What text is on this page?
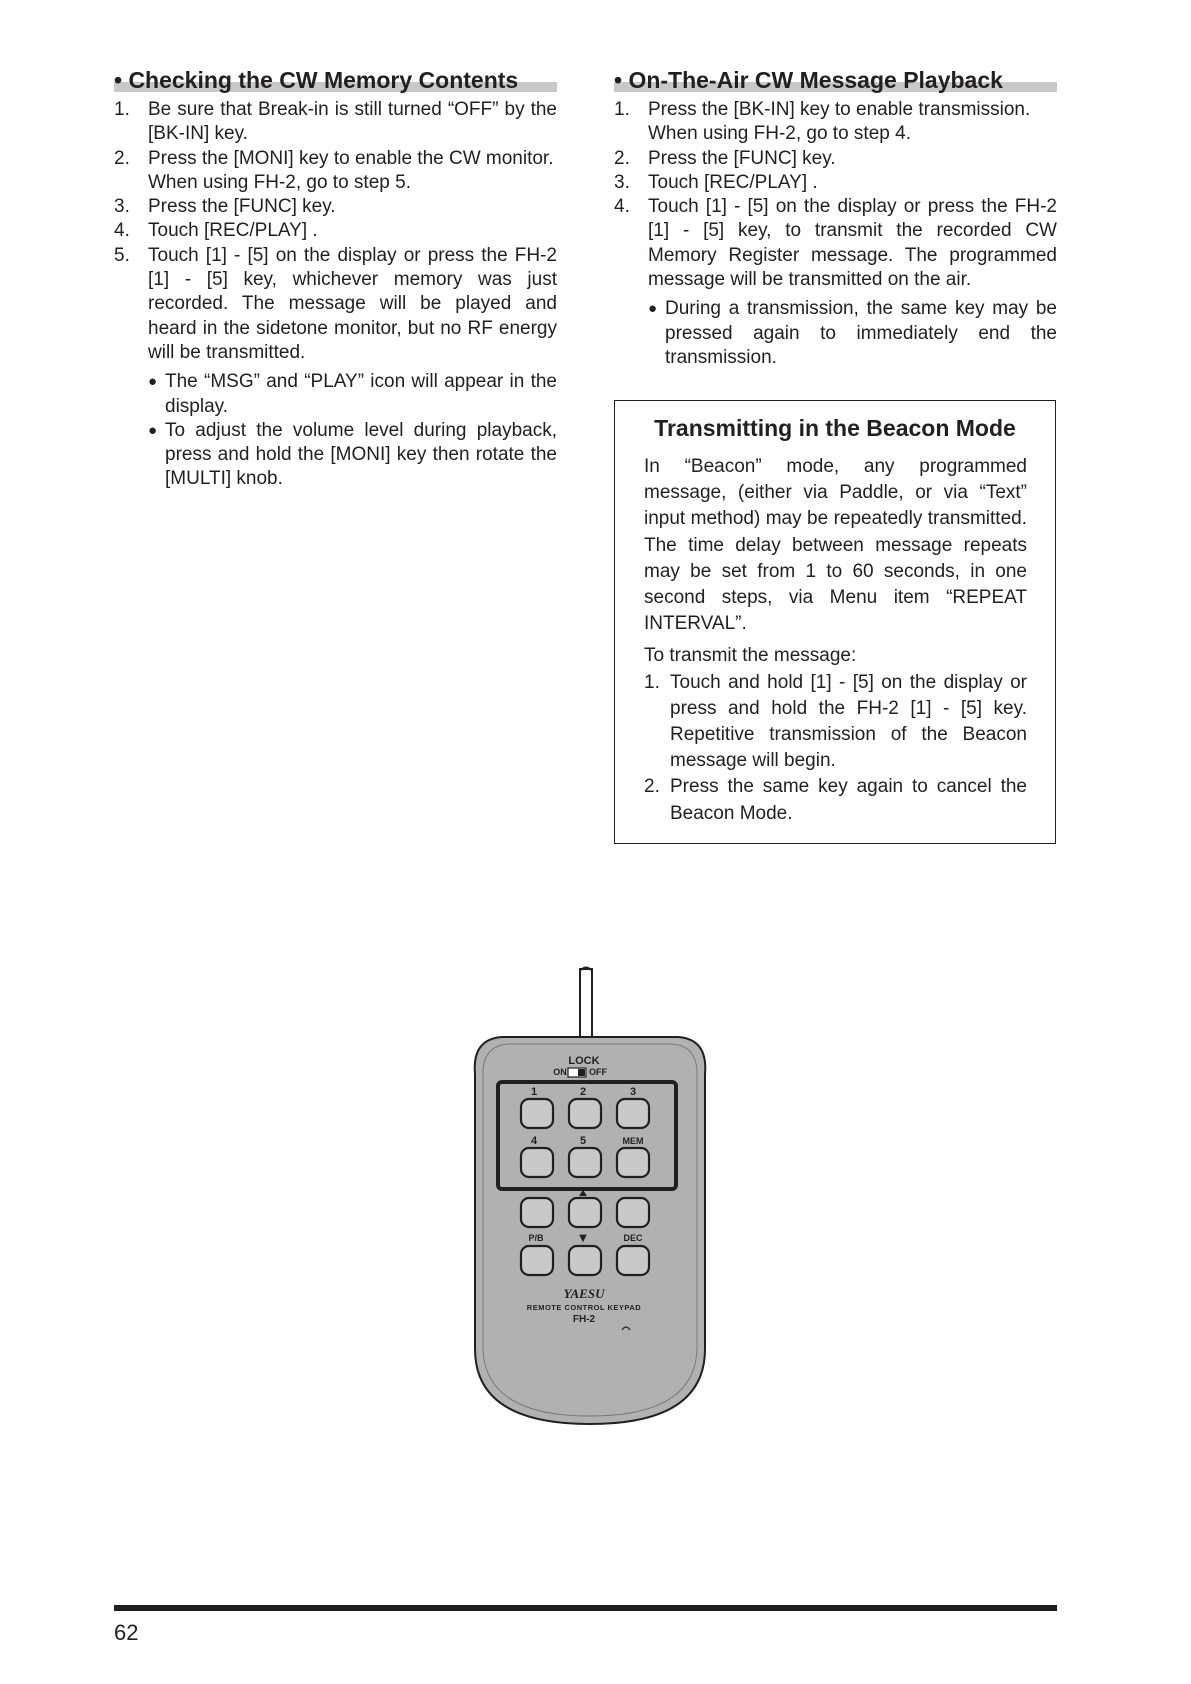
• Checking the CW Memory Contents
1. Be sure that Break-in is still turned “OFF” by the [BK-IN] key.
2. Press the [MONI] key to enable the CW monitor.
When using FH-2, go to step 5.
3. Press the [FUNC] key.
4. Touch [REC/PLAY] .
5. Touch [1] - [5] on the display or press the FH-2 [1] - [5] key, whichever memory was just recorded. The message will be played and heard in the sidetone monitor, but no RF energy will be transmitted.
● The “MSG” and “PLAY” icon will appear in the display.
● To adjust the volume level during playback, press and hold the [MONI] key then rotate the [MULTI] knob.
• On-The-Air CW Message Playback
1. Press the [BK-IN] key to enable transmission.
When using FH-2, go to step 4.
2. Press the [FUNC] key.
3. Touch [REC/PLAY] .
4. Touch [1] - [5] on the display or press the FH-2 [1] - [5] key, to transmit the recorded CW Memory Register message. The programmed message will be transmitted on the air.
● During a transmission, the same key may be pressed again to immediately end the transmission.
Transmitting in the Beacon Mode

In “Beacon” mode, any programmed message, (either via Paddle, or via “Text” input method) may be repeatedly transmitted. The time delay between message repeats may be set from 1 to 60 seconds, in one second steps, via Menu item “REPEAT INTERVAL”.

To transmit the message:

1. Touch and hold [1] - [5] on the display or press and hold the FH-2 [1] - [5] key. Repetitive transmission of the Beacon message will begin.
2. Press the same key again to cancel the Beacon Mode.
LOCK
ON OFF
1	2	3
4	5	MEM
P/B	▼	DEC
YAESU
REMOTE CONTROL KEYPAD
FH-2
62
